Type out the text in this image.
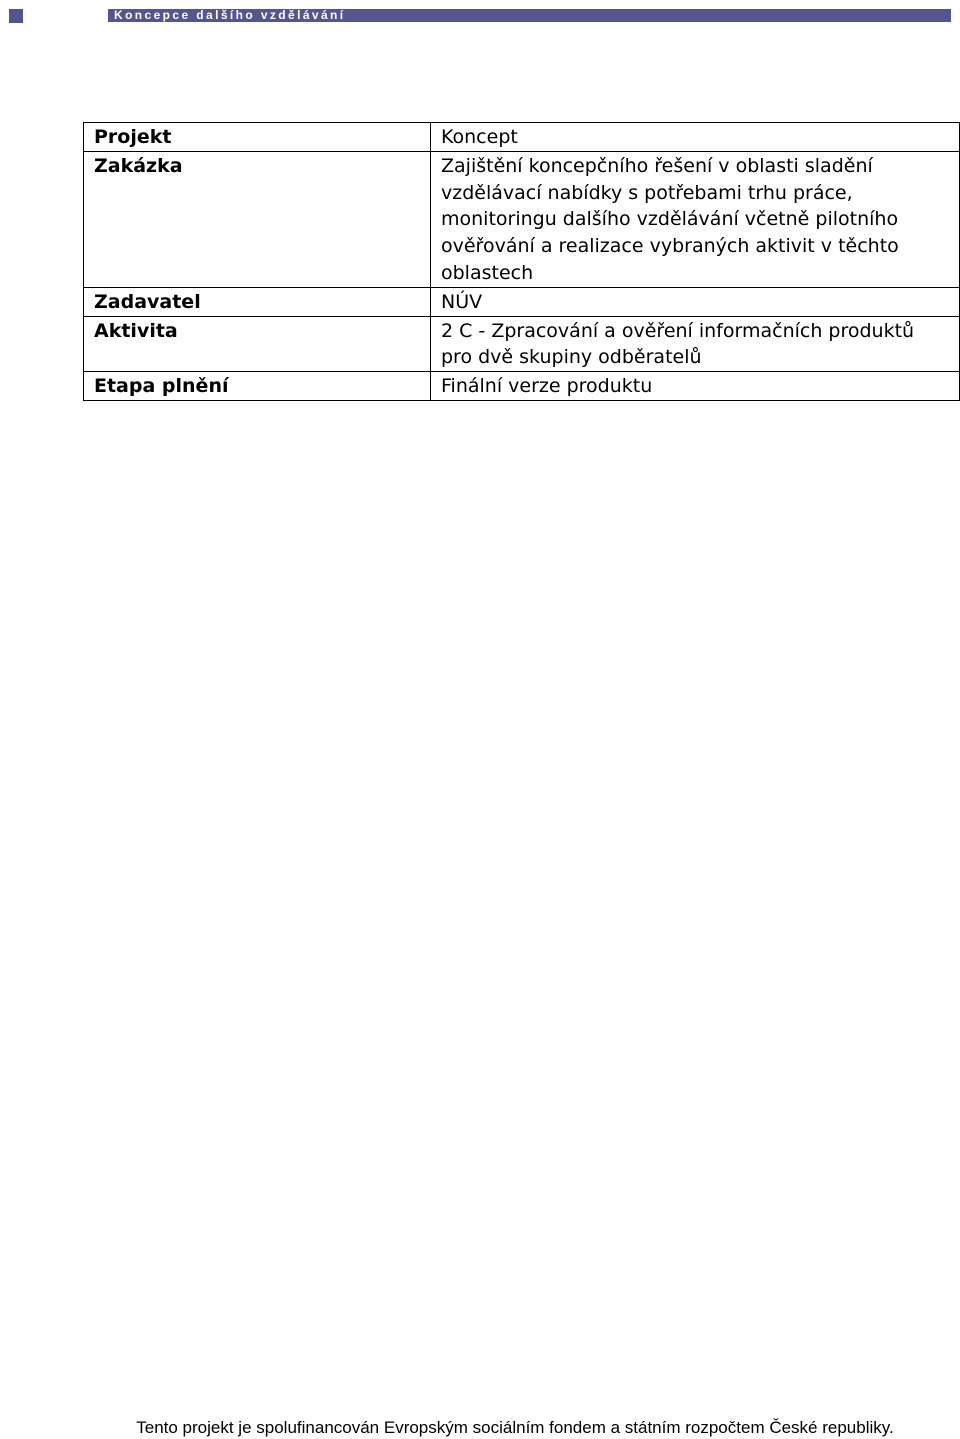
Koncepce dalšího vzdělávání
Projekt	Koncept
Zakázka	Zajištění koncepčního řešení v oblasti sladění vzdělávací nabídky s potřebami trhu práce, monitoringu dalšího vzdělávání včetně pilotního ověřování a realizace vybraných aktivit v těchto oblastech
Zadavatel	NÚV
Aktivita	2 C - Zpracování a ověření informačních produktů pro dvě skupiny odběratelů
Etapa plnění	Finální verze produktu
Tento projekt je spolufinancován Evropským sociálním fondem a státním rozpočtem České republiky.
